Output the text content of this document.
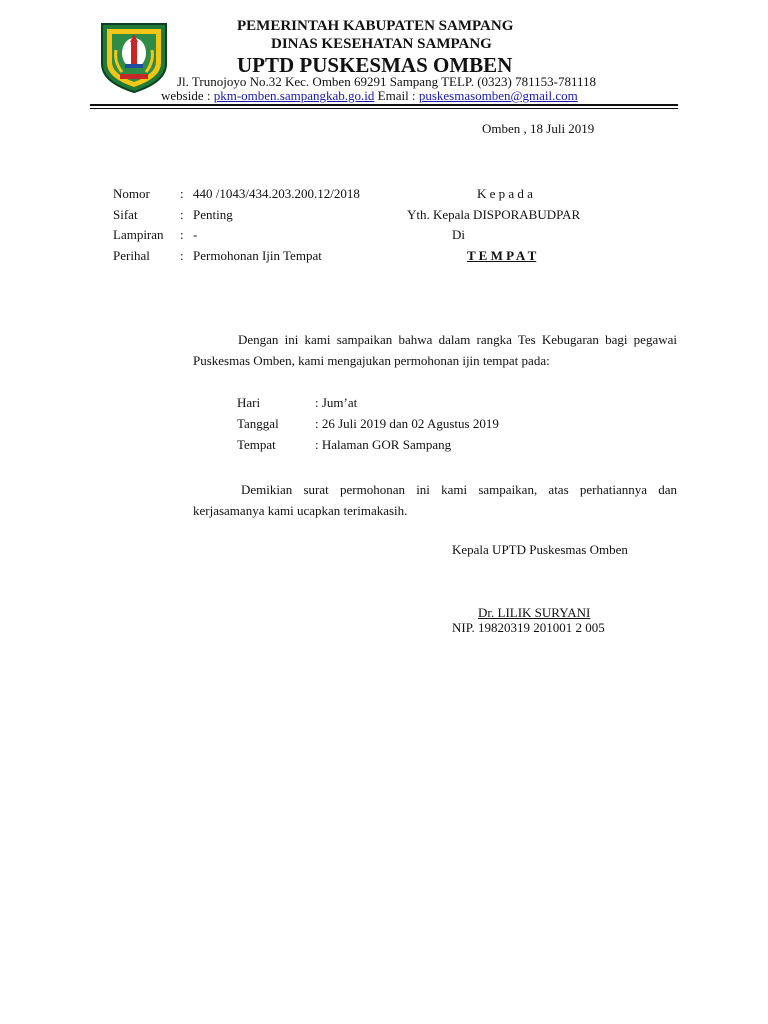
PEMERINTAH KABUPATEN SAMPANG
DINAS KESEHATAN SAMPANG
UPTD PUSKESMAS OMBEN
Jl. Trunojoyo No.32 Kec. Omben 69291 Sampang TELP. (0323) 781153-781118
webside : pkm-omben.sampangkab.go.id Email : puskesmasomben@gmail.com
Omben , 18 Juli 2019
Nomor : 440 /1043/434.203.200.12/2018
Sifat	: Penting
Lampiran : -
Perihal : Permohonan Ijin Tempat
K e p a d a
Yth. Kepala DISPORABUDPAR
Di
T E M P A T
Dengan ini kami sampaikan bahwa dalam rangka Tes Kebugaran bagi pegawai Puskesmas Omben, kami mengajukan permohonan ijin tempat pada:
Hari	: Jum’at
Tanggal	: 26 Juli 2019 dan 02 Agustus 2019
Tempat	: Halaman GOR Sampang
Demikian surat permohonan ini kami sampaikan, atas perhatiannya dan kerjasamanya kami ucapkan terimakasih.
Kepala UPTD Puskesmas Omben
Dr. LILIK SURYANI
NIP. 19820319 201001 2 005
